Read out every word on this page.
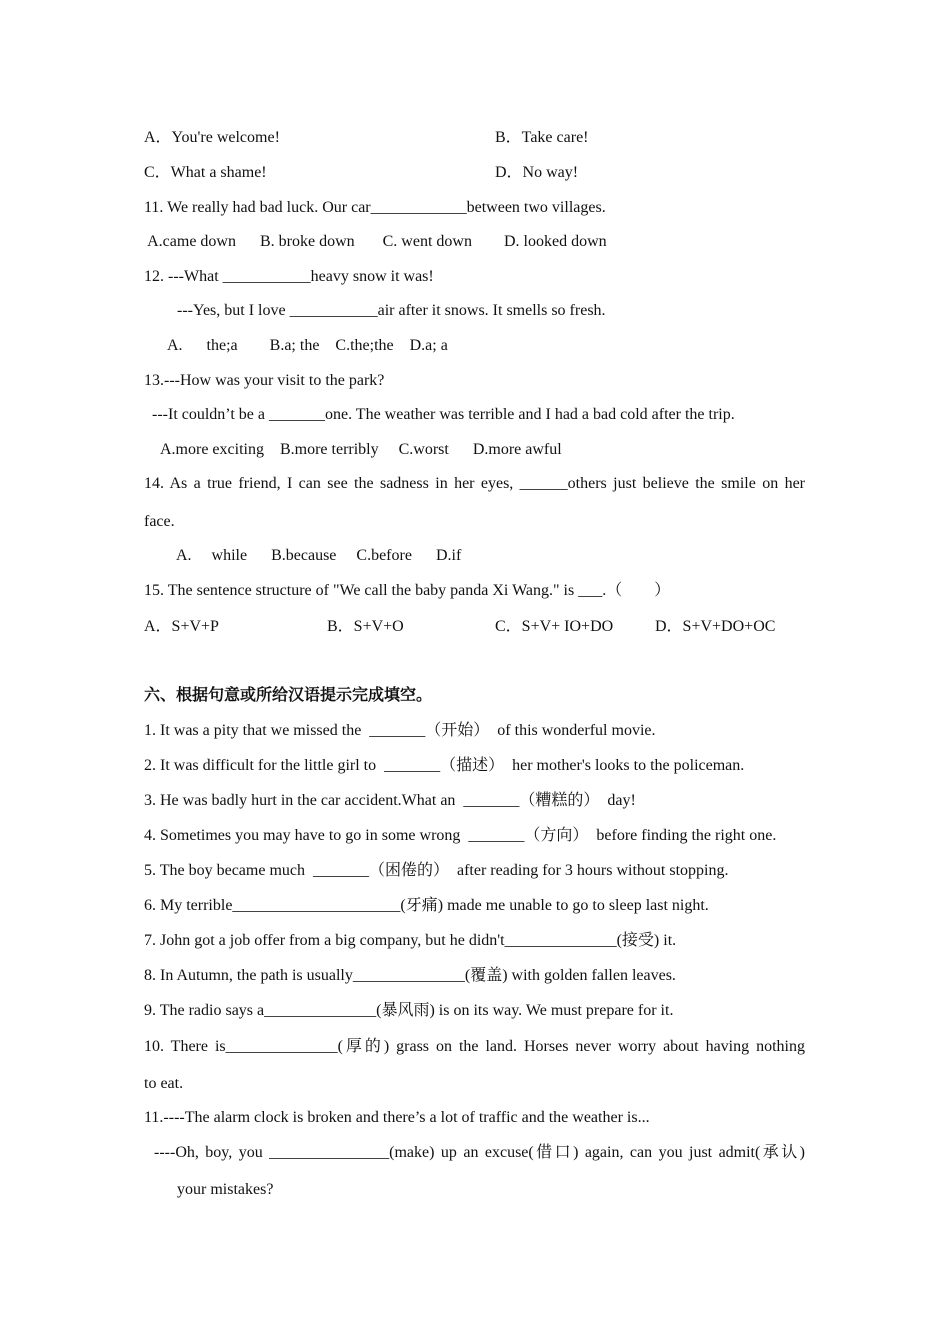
A．You're welcome!	B．Take care!
C．What a shame!	D．No way!
11. We really had bad luck. Our car____________between two villages.
A.came down      B. broke down       C. went down        D. looked down
12. ---What ___________heavy snow it was!
---Yes, but I love ___________air after it snows. It smells so fresh.
A.      the;a        B.a; the    C.the;the    D.a; a
13.---How was your visit to the park?
---It couldn’t be a _______one. The weather was terrible and I had a bad cold after the trip.
A.more exciting    B.more terribly     C.worst      D.more awful
14. As a true friend, I can see the sadness in her eyes, ______others just believe the smile on her
face.
A.     while      B.because     C.before      D.if
15. The sentence structure of "We call the baby panda Xi Wang." is ___.（        ）
A．S+V+P	B．S+V+O	C．S+V+ IO+DO	D．S+V+DO+OC
六、根据句意或所给汉语提示完成填空。
1. It was a pity that we missed the  _______（开始）  of this wonderful movie.
2. It was difficult for the little girl to  _______（描述）  her mother's looks to the policeman.
3. He was badly hurt in the car accident.What an  _______（糟糕的）  day!
4. Sometimes you may have to go in some wrong  _______（方向）  before finding the right one.
5. The boy became much  _______（困倦的）  after reading for 3 hours without stopping.
6. My terrible_____________________(牙痛) made me unable to go to sleep last night.
7. John got a job offer from a big company, but he didn't______________(接受) it.
8. In Autumn, the path is usually______________(覆盖) with golden fallen leaves.
9. The radio says a______________(暴风雨) is on its way. We must prepare for it.
10. There is______________(厚的) grass on the land. Horses never worry about having nothing
to eat.
11.----The alarm clock is broken and there’s a lot of traffic and the weather is...
----Oh, boy, you _______________(make) up an excuse(借口) again, can you just admit(承认)
your mistakes?
